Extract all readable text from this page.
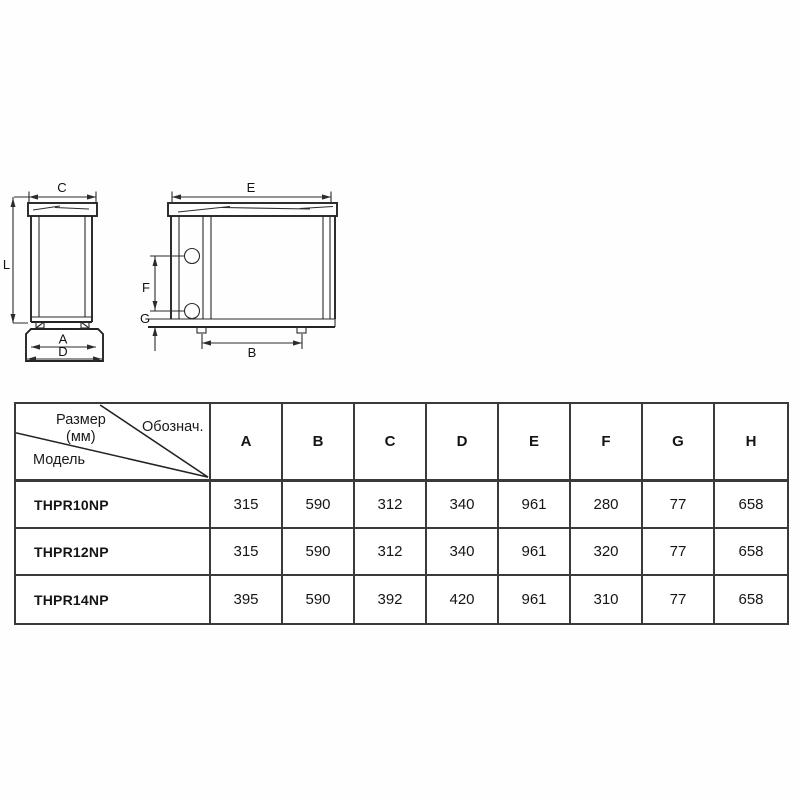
C
L
A
D
E
F
G
B
Размер
(мм)
Обознач.
Модель
A	B	C	D	E	F	G	H
THPR10NP	315	590	312	340	961	280	77	658
THPR12NP	315	590	312	340	961	320	77	658
THPR14NP	395	590	392	420	961	310	77	658
